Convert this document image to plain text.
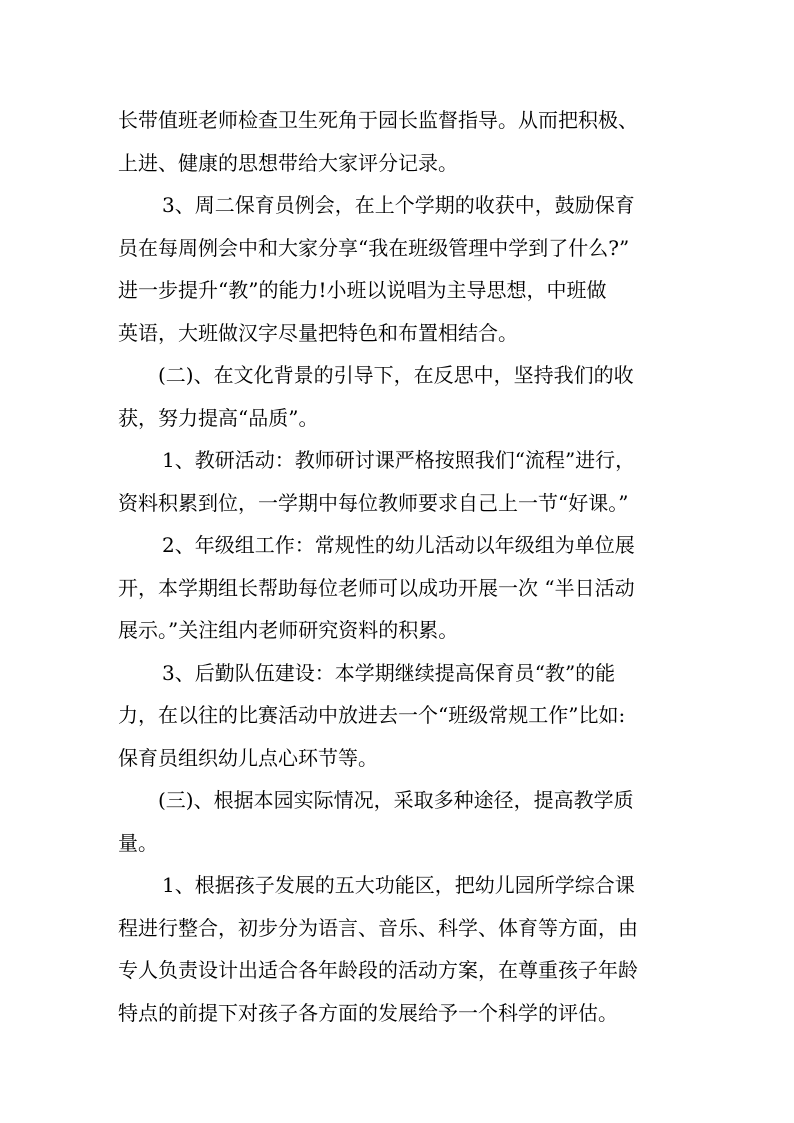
长带值班老师检查卫生死角于园长监督指导。从而把积极、

上进、健康的思想带给大家评分记录。

3、周二保育员例会，在上个学期的收获中，鼓励保育

员在每周例会中和大家分享“我在班级管理中学到了什么?”

进一步提升“教”的能力!小班以说唱为主导思想，中班做

英语，大班做汉字尽量把特色和布置相结合。

(二)、在文化背景的引导下，在反思中，坚持我们的收

获，努力提高“品质”。

1、教研活动：教师研讨课严格按照我们“流程”进行，

资料积累到位，一学期中每位教师要求自己上一节“好课。”

2、年级组工作：常规性的幼儿活动以年级组为单位展

开，本学期组长帮助每位老师可以成功开展一次 “半日活动

展示。”关注组内老师研究资料的积累。

3、后勤队伍建设：本学期继续提高保育员“教”的能

力，在以往的比赛活动中放进去一个“班级常规工作”比如:

保育员组织幼儿点心环节等。

(三)、根据本园实际情况，采取多种途径，提高教学质

量。

1、根据孩子发展的五大功能区，把幼儿园所学综合课

程进行整合，初步分为语言、音乐、科学、体育等方面，由

专人负责设计出适合各年龄段的活动方案，在尊重孩子年龄

特点的前提下对孩子各方面的发展给予一个科学的评估。
